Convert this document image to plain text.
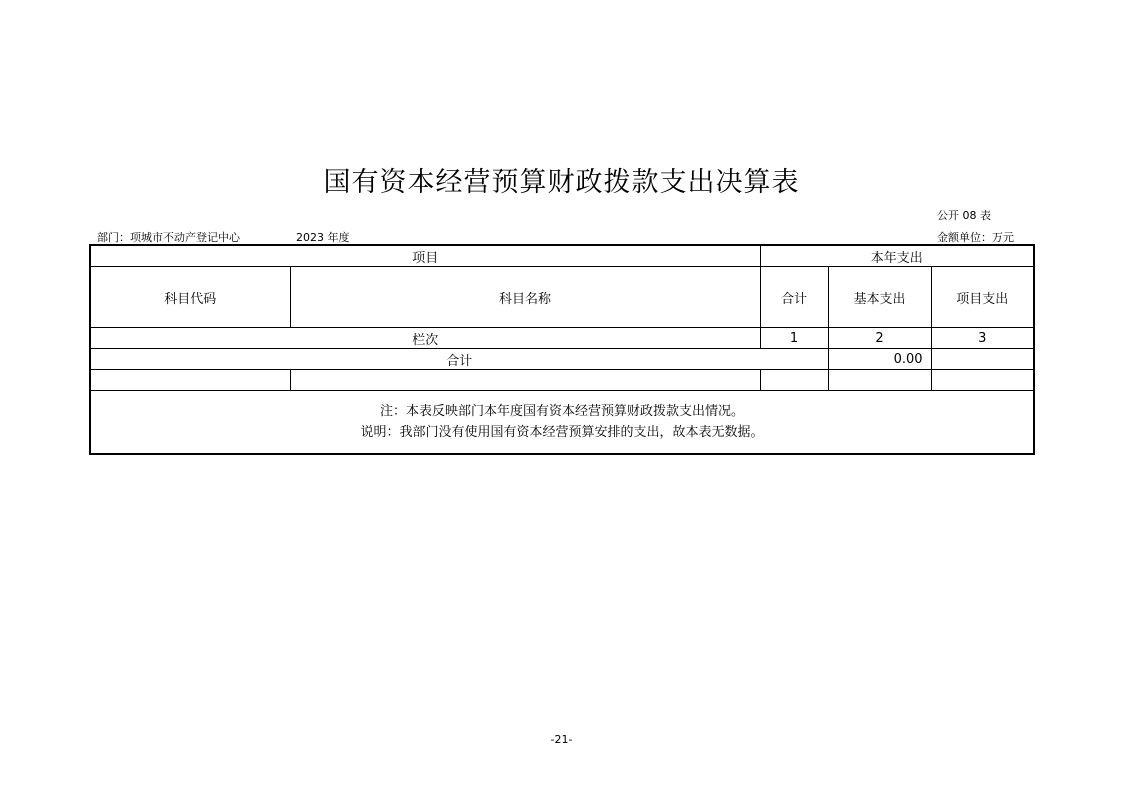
国有资本经营预算财政拨款支出决算表
公开 08 表
部门：项城市不动产登记中心	2023 年度	金额单位：万元
项目		本年支出		
科目代码	科目名称	合计	基本支出	项目支出
栏次		1	2	3
合计			0.00	

注：本表反映部门本年度国有资本经营预算财政拨款支出情况。
说明：我部门没有使用国有资本经营预算安排的支出，故本表无数据。				
-21-
